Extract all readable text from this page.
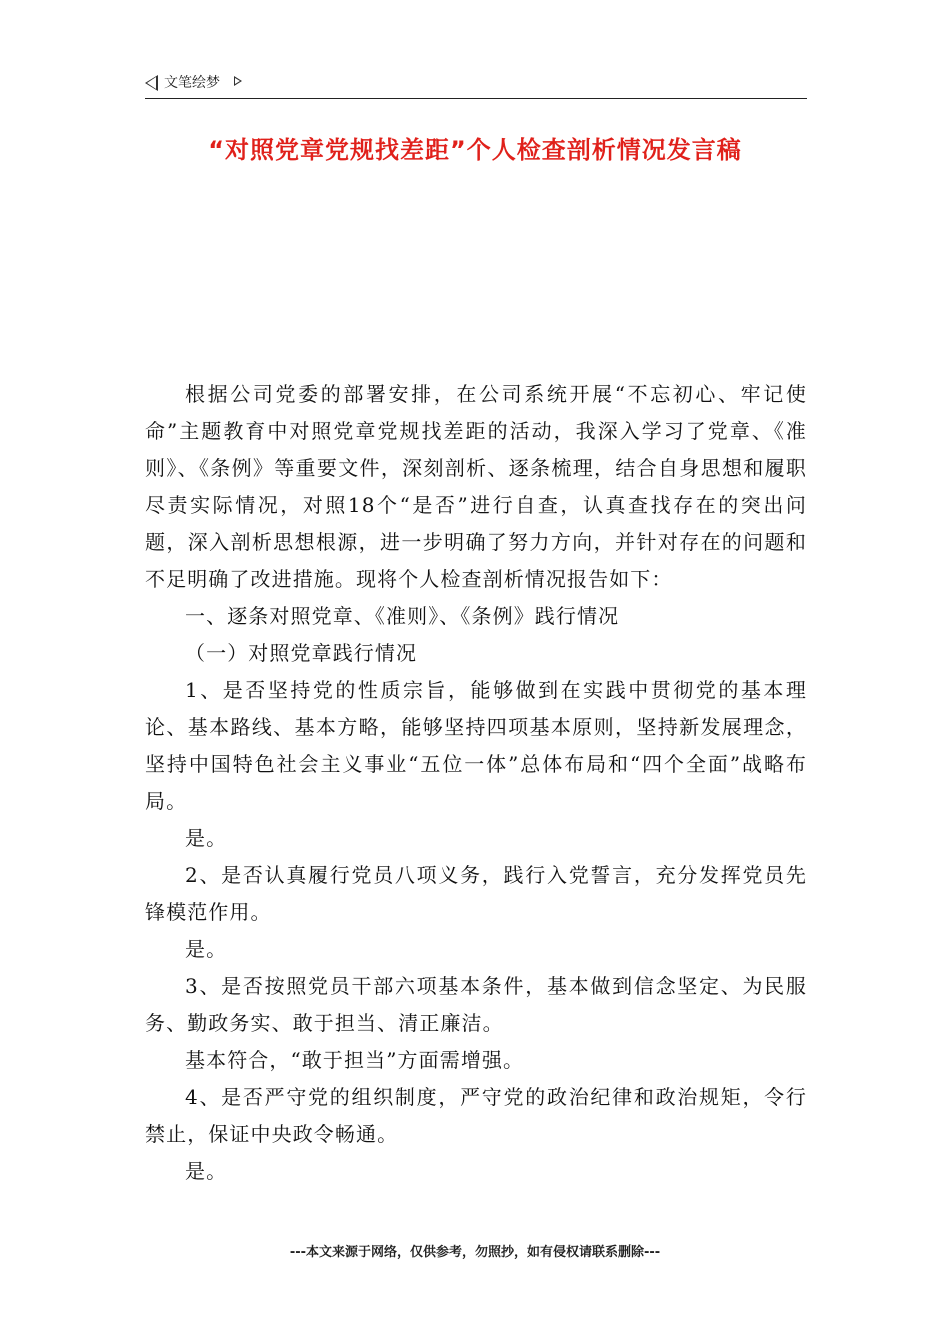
文笔绘梦
“对照党章党规找差距”个人检查剖析情况发言稿

根据公司党委的部署安排，在公司系统开展“不忘初心、牢记使命”主题教育中对照党章党规找差距的活动，我深入学习了党章、《准则》、《条例》等重要文件，深刻剖析、逐条梳理，结合自身思想和履职尽责实际情况，对照18个“是否”进行自查，认真查找存在的突出问题，深入剖析思想根源，进一步明确了努力方向，并针对存在的问题和不足明确了改进措施。现将个人检查剖析情况报告如下：

一、逐条对照党章、《准则》、《条例》践行情况

（一）对照党章践行情况

1、是否坚持党的性质宗旨，能够做到在实践中贯彻党的基本理论、基本路线、基本方略，能够坚持四项基本原则，坚持新发展理念，坚持中国特色社会主义事业“五位一体”总体布局和“四个全面”战略布局。

是。

2、是否认真履行党员八项义务，践行入党誓言，充分发挥党员先锋模范作用。

是。

3、是否按照党员干部六项基本条件，基本做到信念坚定、为民服务、勤政务实、敢于担当、清正廉洁。

基本符合，“敢于担当”方面需增强。

4、是否严守党的组织制度，严守党的政治纪律和政治规矩，令行禁止，保证中央政令畅通。

是。

---本文来源于网络，仅供参考，勿照抄，如有侵权请联系删除---
